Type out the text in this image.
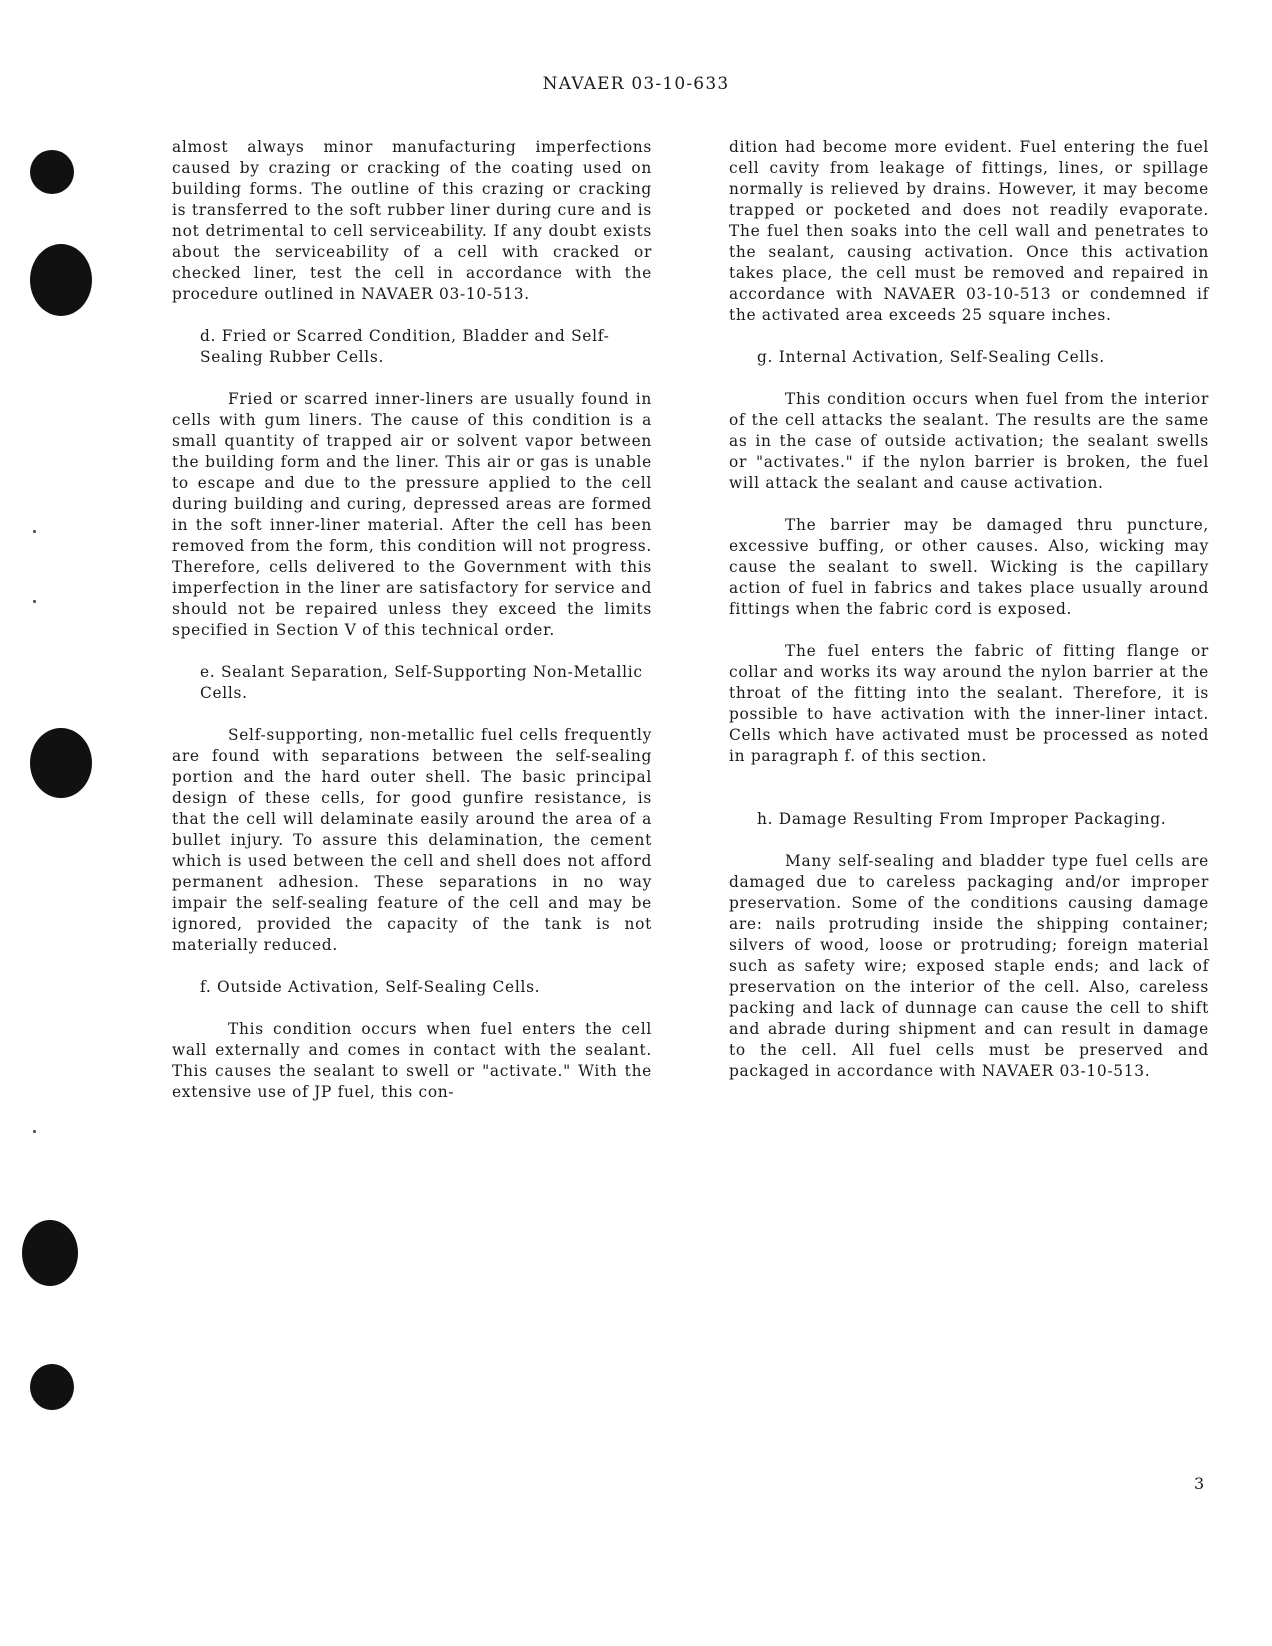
NAVAER 03-10-633

almost always minor manufacturing imperfections caused by crazing or cracking of the coating used on building forms. The outline of this crazing or cracking is transferred to the soft rubber liner during cure and is not detrimental to cell serviceability. If any doubt exists about the serviceability of a cell with cracked or checked liner, test the cell in accordance with the procedure outlined in NAVAER 03-10-513.

d. Fried or Scarred Condition, Bladder and Self-Sealing Rubber Cells.

Fried or scarred inner-liners are usually found in cells with gum liners. The cause of this condition is a small quantity of trapped air or solvent vapor between the building form and the liner. This air or gas is unable to escape and due to the pressure applied to the cell during building and curing, depressed areas are formed in the soft inner-liner material. After the cell has been removed from the form, this condition will not progress. Therefore, cells delivered to the Government with this imperfection in the liner are satisfactory for service and should not be repaired unless they exceed the limits specified in Section V of this technical order.

e. Sealant Separation, Self-Supporting Non-Metallic Cells.

Self-supporting, non-metallic fuel cells frequently are found with separations between the self-sealing portion and the hard outer shell. The basic principal design of these cells, for good gunfire resistance, is that the cell will delaminate easily around the area of a bullet injury. To assure this delamination, the cement which is used between the cell and shell does not afford permanent adhesion. These separations in no way impair the self-sealing feature of the cell and may be ignored, provided the capacity of the tank is not materially reduced.

f. Outside Activation, Self-Sealing Cells.

This condition occurs when fuel enters the cell wall externally and comes in contact with the sealant. This causes the sealant to swell or "activate." With the extensive use of JP fuel, this con-

dition had become more evident. Fuel entering the fuel cell cavity from leakage of fittings, lines, or spillage normally is relieved by drains. However, it may become trapped or pocketed and does not readily evaporate. The fuel then soaks into the cell wall and penetrates to the sealant, causing activation. Once this activation takes place, the cell must be removed and repaired in accordance with NAVAER 03-10-513 or condemned if the activated area exceeds 25 square inches.

g. Internal Activation, Self-Sealing Cells.

This condition occurs when fuel from the interior of the cell attacks the sealant. The results are the same as in the case of outside activation; the sealant swells or "activates." if the nylon barrier is broken, the fuel will attack the sealant and cause activation.

The barrier may be damaged thru puncture, excessive buffing, or other causes. Also, wicking may cause the sealant to swell. Wicking is the capillary action of fuel in fabrics and takes place usually around fittings when the fabric cord is exposed.

The fuel enters the fabric of fitting flange or collar and works its way around the nylon barrier at the throat of the fitting into the sealant. Therefore, it is possible to have activation with the inner-liner intact. Cells which have activated must be processed as noted in paragraph f. of this section.

h. Damage Resulting From Improper Packaging.

Many self-sealing and bladder type fuel cells are damaged due to careless packaging and/or improper preservation. Some of the conditions causing damage are: nails protruding inside the shipping container; silvers of wood, loose or protruding; foreign material such as safety wire; exposed staple ends; and lack of preservation on the interior of the cell. Also, careless packing and lack of dunnage can cause the cell to shift and abrade during shipment and can result in damage to the cell. All fuel cells must be preserved and packaged in accordance with NAVAER 03-10-513.

3
